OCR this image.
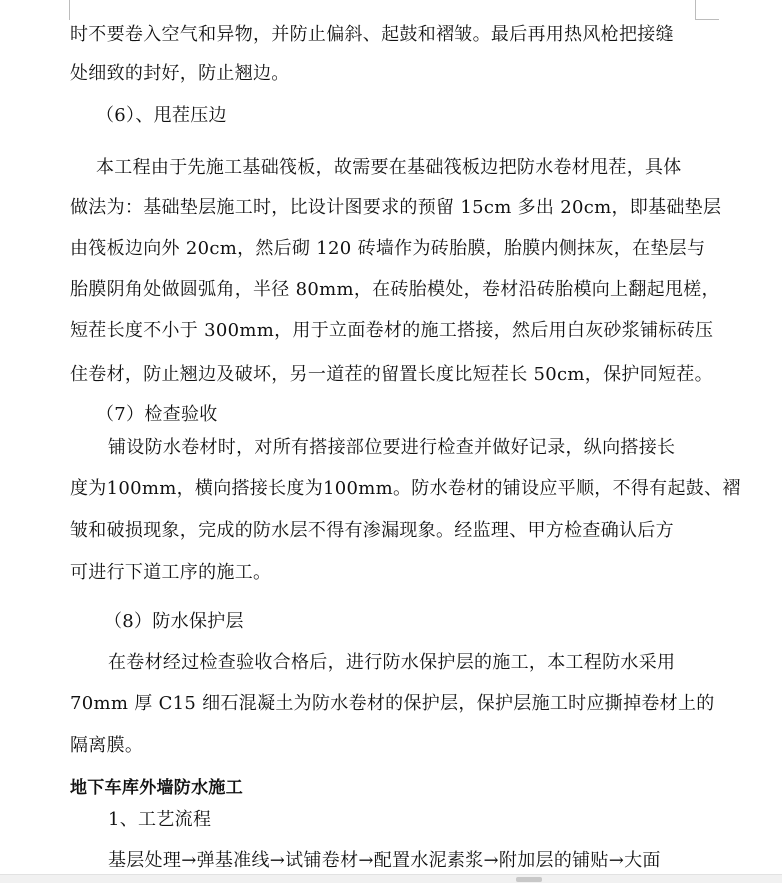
时不要卷入空气和异物，并防止偏斜、起鼓和褶皱。最后再用热风枪把接缝
处细致的封好，防止翘边。
（6）、甩茬压边
本工程由于先施工基础筏板，故需要在基础筏板边把防水卷材甩茬，具体
做法为：基础垫层施工时，比设计图要求的预留 15cm 多出 20cm，即基础垫层
由筏板边向外 20cm，然后砌 120 砖墙作为砖胎膜，胎膜内侧抹灰，在垫层与
胎膜阴角处做圆弧角，半径 80mm，在砖胎模处，卷材沿砖胎模向上翻起甩槎，
短茬长度不小于 300mm，用于立面卷材的施工搭接，然后用白灰砂浆铺标砖压
住卷材，防止翘边及破坏，另一道茬的留置长度比短茬长 50cm，保护同短茬。
（7）检查验收
铺设防水卷材时，对所有搭接部位要进行检查并做好记录，纵向搭接长
度为100mm，横向搭接长度为100mm。防水卷材的铺设应平顺，不得有起鼓、褶
皱和破损现象，完成的防水层不得有渗漏现象。经监理、甲方检查确认后方
可进行下道工序的施工。
（8）防水保护层
在卷材经过检查验收合格后，进行防水保护层的施工，本工程防水采用
70mm 厚 C15 细石混凝土为防水卷材的保护层，保护层施工时应撕掉卷材上的
隔离膜。
地下车库外墙防水施工
1、工艺流程
基层处理→弹基准线→试铺卷材→配置水泥素浆→附加层的铺贴→大面
